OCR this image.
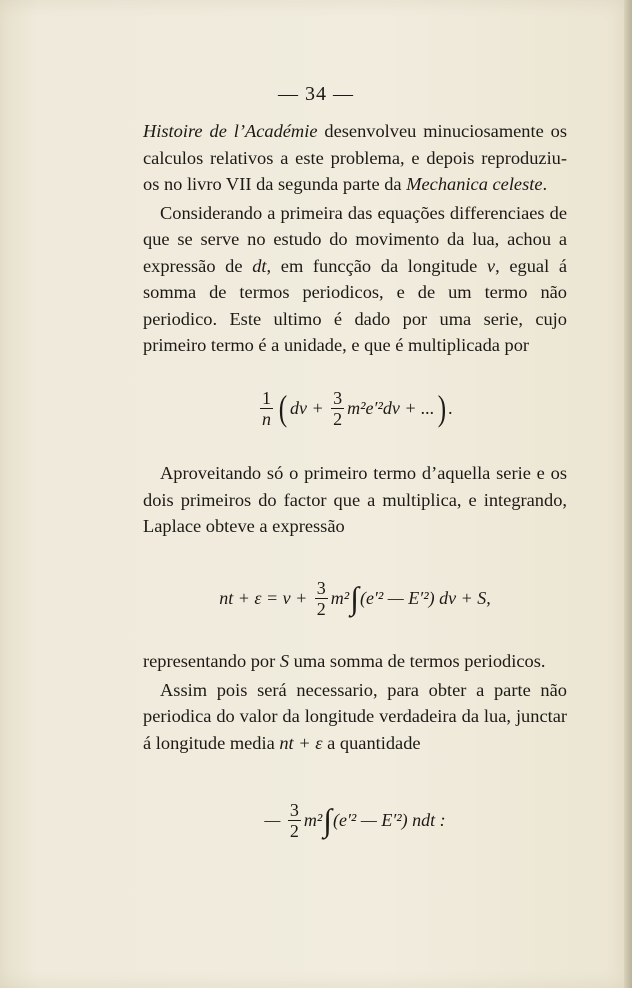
— 34 —

Histoire de l’Académie desenvolveu minuciosamente os calculos relativos a este problema, e depois reproduziu-os no livro VII da segunda parte da Mechanica celeste.

Considerando a primeira das equações differenciaes de que se serve no estudo do movimento da lua, achou a expressão de dt, em funcção da longitude v, egual á somma de termos periodicos, e de um termo não periodico. Este ultimo é dado por uma serie, cujo primeiro termo é a unidade, e que é multiplicada por

$\frac{1}{n}$ ( dv + $\frac{3}{2} m^2e'^2dv$ + ... ) .

Aproveitando só o primeiro termo d’aquella serie e os dois primeiros do factor que a multiplica, e integrando, Laplace obteve a expressão

nt + $\varepsilon = v + \frac{3}{2} m^2$ ∫ (e′² — E′²) dv + S,

representando por S uma somma de termos periodicos.

Assim pois será necessario, para obter a parte não periodica do valor da longitude verdadeira da lua, junctar á longitude media nt + ε a quantidade

— $\frac{3}{2} m^2$ ∫ (e′² — E′²) ndt :
